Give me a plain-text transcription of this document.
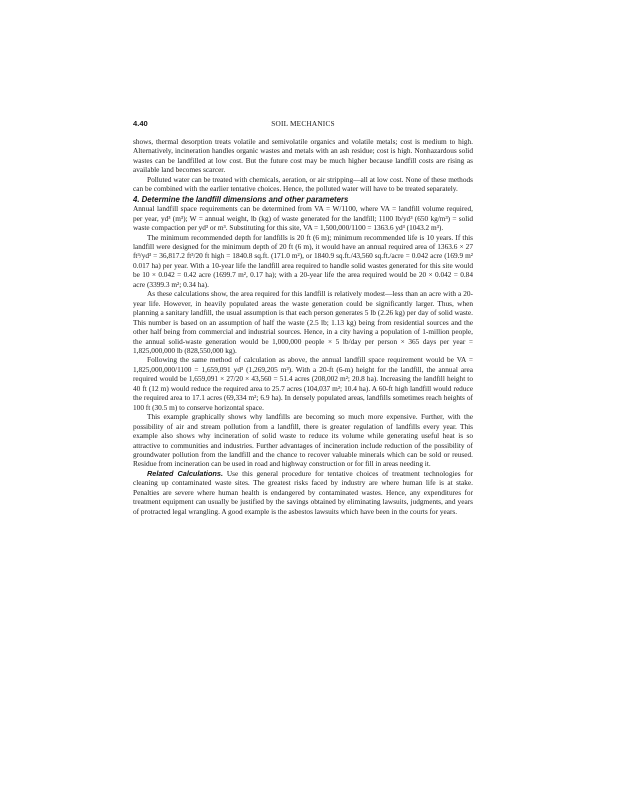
4.40	SOIL MECHANICS

shows, thermal desorption treats volatile and semivolatile organics and volatile metals; cost is medium to high. Alternatively, incineration handles organic wastes and metals with an ash residue; cost is high. Nonhazardous solid wastes can be landfilled at low cost. But the future cost may be much higher because landfill costs are rising as available land becomes scarcer.

Polluted water can be treated with chemicals, aeration, or air stripping—all at low cost. None of these methods can be combined with the earlier tentative choices. Hence, the polluted water will have to be treated separately.

4. Determine the landfill dimensions and other parameters

Annual landfill space requirements can be determined from VA = W/1100, where VA = landfill volume required, per year, yd³ (m³); W = annual weight, lb (kg) of waste generated for the landfill; 1100 lb/yd³ (650 kg/m³) = solid waste compaction per yd³ or m³. Substituting for this site, VA = 1,500,000/1100 = 1363.6 yd³ (1043.2 m³).

The minimum recommended depth for landfills is 20 ft (6 m); minimum recommended life is 10 years. If this landfill were designed for the minimum depth of 20 ft (6 m), it would have an annual required area of 1363.6 × 27 ft³/yd³ = 36,817.2 ft³/20 ft high = 1840.8 sq.ft. (171.0 m²), or 1840.9 sq.ft./43,560 sq.ft./acre = 0.042 acre (169.9 m² 0.017 ha) per year. With a 10-year life the landfill area required to handle solid wastes generated for this site would be 10 × 0.042 = 0.42 acre (1699.7 m², 0.17 ha); with a 20-year life the area required would be 20 × 0.042 = 0.84 acre (3399.3 m²; 0.34 ha).

As these calculations show, the area required for this landfill is relatively modest—less than an acre with a 20-year life. However, in heavily populated areas the waste generation could be significantly larger. Thus, when planning a sanitary landfill, the usual assumption is that each person generates 5 lb (2.26 kg) per day of solid waste. This number is based on an assumption of half the waste (2.5 lb; 1.13 kg) being from residential sources and the other half being from commercial and industrial sources. Hence, in a city having a population of 1-million people, the annual solid-waste generation would be 1,000,000 people × 5 lb/day per person × 365 days per year = 1,825,000,000 lb (828,550,000 kg).

Following the same method of calculation as above, the annual landfill space requirement would be VA = 1,825,000,000/1100 = 1,659,091 yd³ (1,269,205 m³). With a 20-ft (6-m) height for the landfill, the annual area required would be 1,659,091 × 27/20 × 43,560 = 51.4 acres (208,002 m²; 20.8 ha). Increasing the landfill height to 40 ft (12 m) would reduce the required area to 25.7 acres (104,037 m²; 10.4 ha). A 60-ft high landfill would reduce the required area to 17.1 acres (69,334 m²; 6.9 ha). In densely populated areas, landfills sometimes reach heights of 100 ft (30.5 m) to conserve horizontal space.

This example graphically shows why landfills are becoming so much more expensive. Further, with the possibility of air and stream pollution from a landfill, there is greater regulation of landfills every year. This example also shows why incineration of solid waste to reduce its volume while generating useful heat is so attractive to communities and industries. Further advantages of incineration include reduction of the possibility of groundwater pollution from the landfill and the chance to recover valuable minerals which can be sold or reused. Residue from incineration can be used in road and highway construction or for fill in areas needing it.

Related Calculations. Use this general procedure for tentative choices of treatment technologies for cleaning up contaminated waste sites. The greatest risks faced by industry are where human life is at stake. Penalties are severe where human health is endangered by contaminated wastes. Hence, any expenditures for treatment equipment can usually be justified by the savings obtained by eliminating lawsuits, judgments, and years of protracted legal wrangling. A good example is the asbestos lawsuits which have been in the courts for years.
